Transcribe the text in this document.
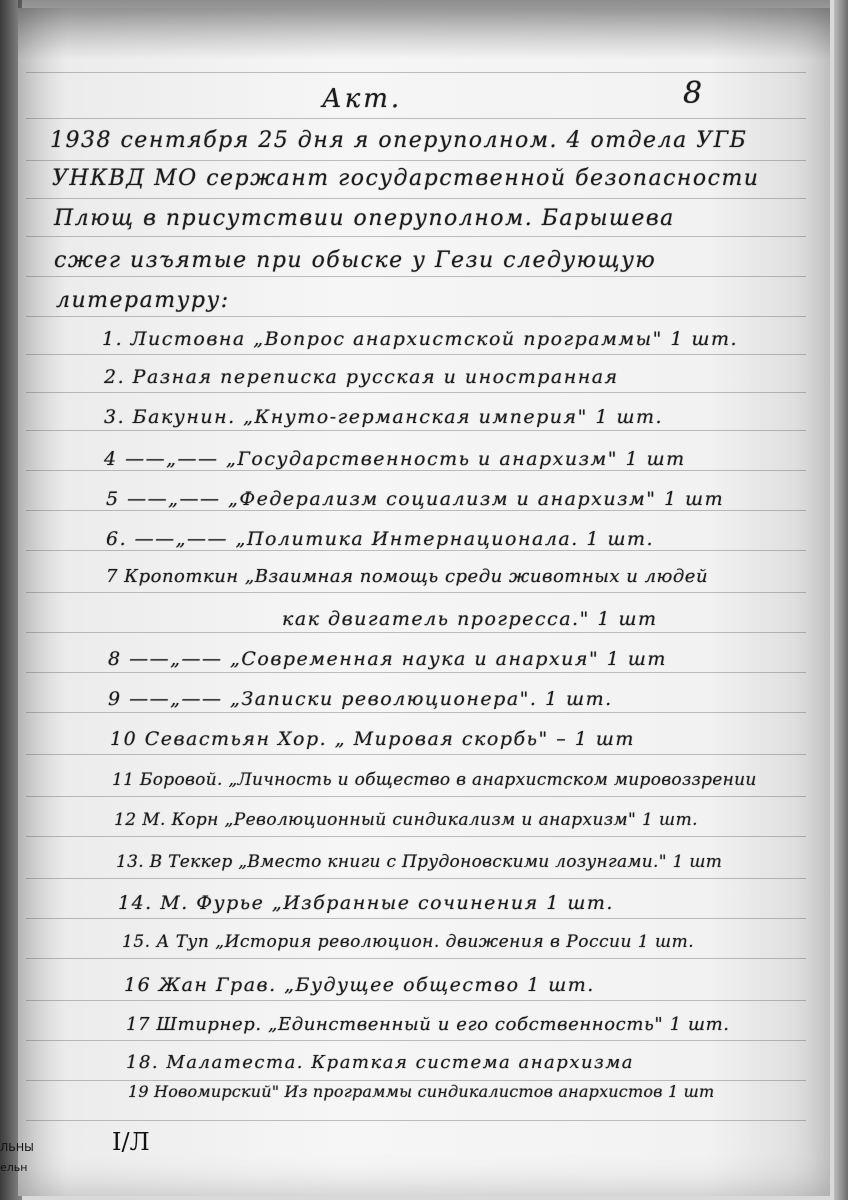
Акт.	8
1938 сентября 25 дня я оперуполном. 4 отдела УГБ
УНКВД МО сержант государственной безопасности
Плющ в присутствии оперуполном. Барышева
сжег изъятые при обыске у Гези следующую
литературу:
1. Листовна „Вопрос анархистской программы" 1 шт.
2. Разная переписка русская и иностранная
3. Бакунин. „Кнуто-германская империя" 1 шт.
4 ——„—— „Государственность и анархизм" 1 шт
5 ——„—— „Федерализм социализм и анархизм" 1 шт
6. ——„—— „Политика Интернационала. 1 шт.
7 Кропоткин „Взаимная помощь среди животных и людей
как двигатель прогресса." 1 шт
8 ——„—— „Современная наука и анархия" 1 шт
9 ——„—— „Записки революционера". 1 шт.
10 Севастьян Хор. „ Мировая скорбь" – 1 шт
11 Боровой. „Личность и общество в анархистском мировоззрении
12 М. Корн „Революционный синдикализм и анархизм" 1 шт.
13. В Теккер „Вместо книги с Прудоновскими лозунгами." 1 шт
14. М. Фурье „Избранные сочинения 1 шт.
15. А Туп „История революцион. движения в России 1 шт.
16 Жан Грав. „Будущее общество 1 шт.
17 Штирнер. „Единственный и его собственность" 1 шт.
18. Малатеста. Краткая система анархизма
19 Новомирский" Из программы синдикалистов анархистов 1 шт
I/Л
ЛЬНЫ
ельн
